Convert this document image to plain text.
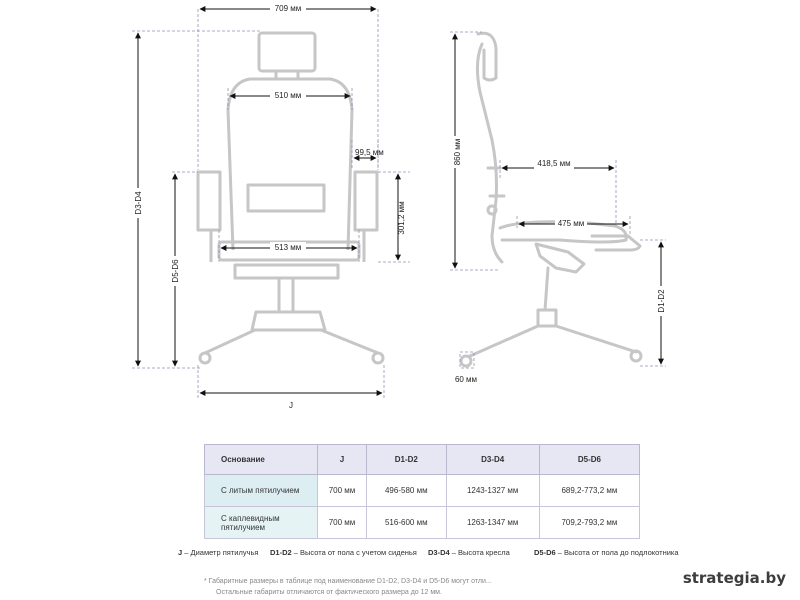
709 мм
510 мм
99,5 мм
301,2 мм
513 мм
D3-D4
D5-D6
J
860 мм	418,5 мм
475 мм
D1-D2
60 мм
Основание	J	D1-D2	D3-D4	D5-D6
С литым пятилучием	700 мм	496-580 мм	1243-1327 мм	689,2-773,2 мм
С каплевидным пятилучием	700 мм	516-600 мм	1263-1347 мм	709,2-793,2 мм
J – Диаметр пятилучья D1-D2 – Высота от пола с учетом сиденья D3-D4 – Высота кресла	D5-D6 – Высота от пола до подлокотника
* Габаритные размеры в таблице под наименование D1-D2, D3-D4 и D5-D6 могут отли...
Остальные габариты отличаются от фактического размера до 12 мм.
strategia.by
